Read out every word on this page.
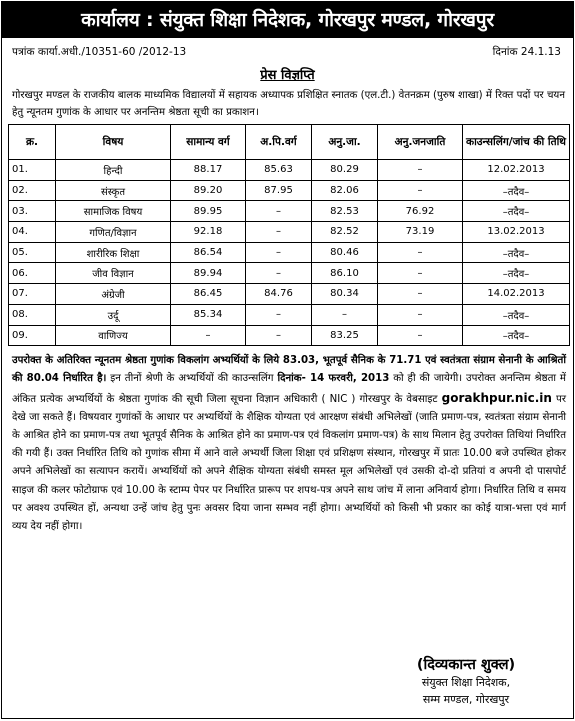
कार्यालय : संयुक्त शिक्षा निदेशक, गोरखपुर मण्डल, गोरखपुर
पत्रांक कार्या.अधी./10351-60 /2012-13	दिनांक 24.1.13
प्रेस विज्ञप्ति
गोरखपुर मण्डल के राजकीय बालक माध्यमिक विद्यालयों में सहायक अध्यापक प्रशिक्षित स्नातक (एल.टी.) वेतनक्रम (पुरुष शाखा) में रिक्त पदों पर चयन हेतु न्यूनतम गुणांक के आधार पर अनन्तिम श्रेष्ठता सूची का प्रकाशन।
क्र.	विषय	सामान्य वर्ग	अ.पि.वर्ग	अनु.जा.	अनु.जनजाति	काउन्सलिंग/जांच की तिथि
01.	हिन्दी	88.17	85.63	80.29	–	12.02.2013
02.	संस्कृत	89.20	87.95	82.06	–	–तदैव–
03.	सामाजिक विषय	89.95	–	82.53	76.92	–तदैव–
04.	गणित/विज्ञान	92.18	–	82.52	73.19	13.02.2013
05.	शारीरिक शिक्षा	86.54	–	80.46	–	–तदैव–
06.	जीव विज्ञान	89.94	–	86.10	–	–तदैव–
07.	अंग्रेजी	86.45	84.76	80.34	–	14.02.2013
08.	उर्दू	85.34	–	–	–	–तदैव–
09.	वाणिज्य	–	–	83.25	–	–तदैव–
उपरोक्त के अतिरिक्त न्यूनतम श्रेष्ठता गुणांक विकलांग अभ्यर्थियों के लिये 83.03, भूतपूर्व सैनिक के 71.71 एवं स्वतंत्रता संग्राम सेनानी के आश्रितों की 80.04 निर्धारित है। इन तीनों श्रेणी के अभ्यर्थियों की काउन्सलिंग दिनांक- 14 फरवरी, 2013 को ही की जायेगी। उपरोक्त अनन्तिम श्रेष्ठता में अंकित प्रत्येक अभ्यर्थियों के श्रेष्ठता गुणांक की सूची जिला सूचना विज्ञान अधिकारी ( NIC ) गोरखपुर के वेबसाइट gorakhpur.nic.in पर देखे जा सकते हैं। विषयवार गुणांकों के आधार पर अभ्यर्थियों के शैक्षिक योग्यता एवं आरक्षण संबंधी अभिलेखों (जाति प्रमाण-पत्र, स्वतंत्रता संग्राम सेनानी के आश्रित होने का प्रमाण-पत्र तथा भूतपूर्व सैनिक के आश्रित होने का प्रमाण-पत्र एवं विकलांग प्रमाण-पत्र) के साथ मिलान हेतु उपरोक्त तिथियां निर्धारित की गयी हैं। उक्त निर्धारित तिथि को गुणांक सीमा में आने वाले अभ्यर्थी जिला शिक्षा एवं प्रशिक्षण संस्थान, गोरखपुर में प्रातः 10.00 बजे उपस्थित होकर अपने अभिलेखों का सत्यापन करायें। अभ्यर्थियों को अपने शैक्षिक योग्यता संबंधी समस्त मूल अभिलेखों एवं उसकी दो-दो प्रतियां व अपनी दो पासपोर्ट साइज की कलर फोटोग्राफ एवं 10.00 के स्टाम्प पेपर पर निर्धारित प्रारूप पर शपथ-पत्र अपने साथ जांच में लाना अनिवार्य होगा। निर्धारित तिथि व समय पर अवश्य उपस्थित हों, अन्यथा उन्हें जांच हेतु पुनः अवसर दिया जाना सम्भव नहीं होगा। अभ्यर्थियों को किसी भी प्रकार का कोई यात्रा-भत्ता एवं मार्ग व्यय देय नहीं होगा।
(दिव्यकान्त शुक्ल)
संयुक्त शिक्षा निदेशक,
सम्म मण्डल, गोरखपुर
